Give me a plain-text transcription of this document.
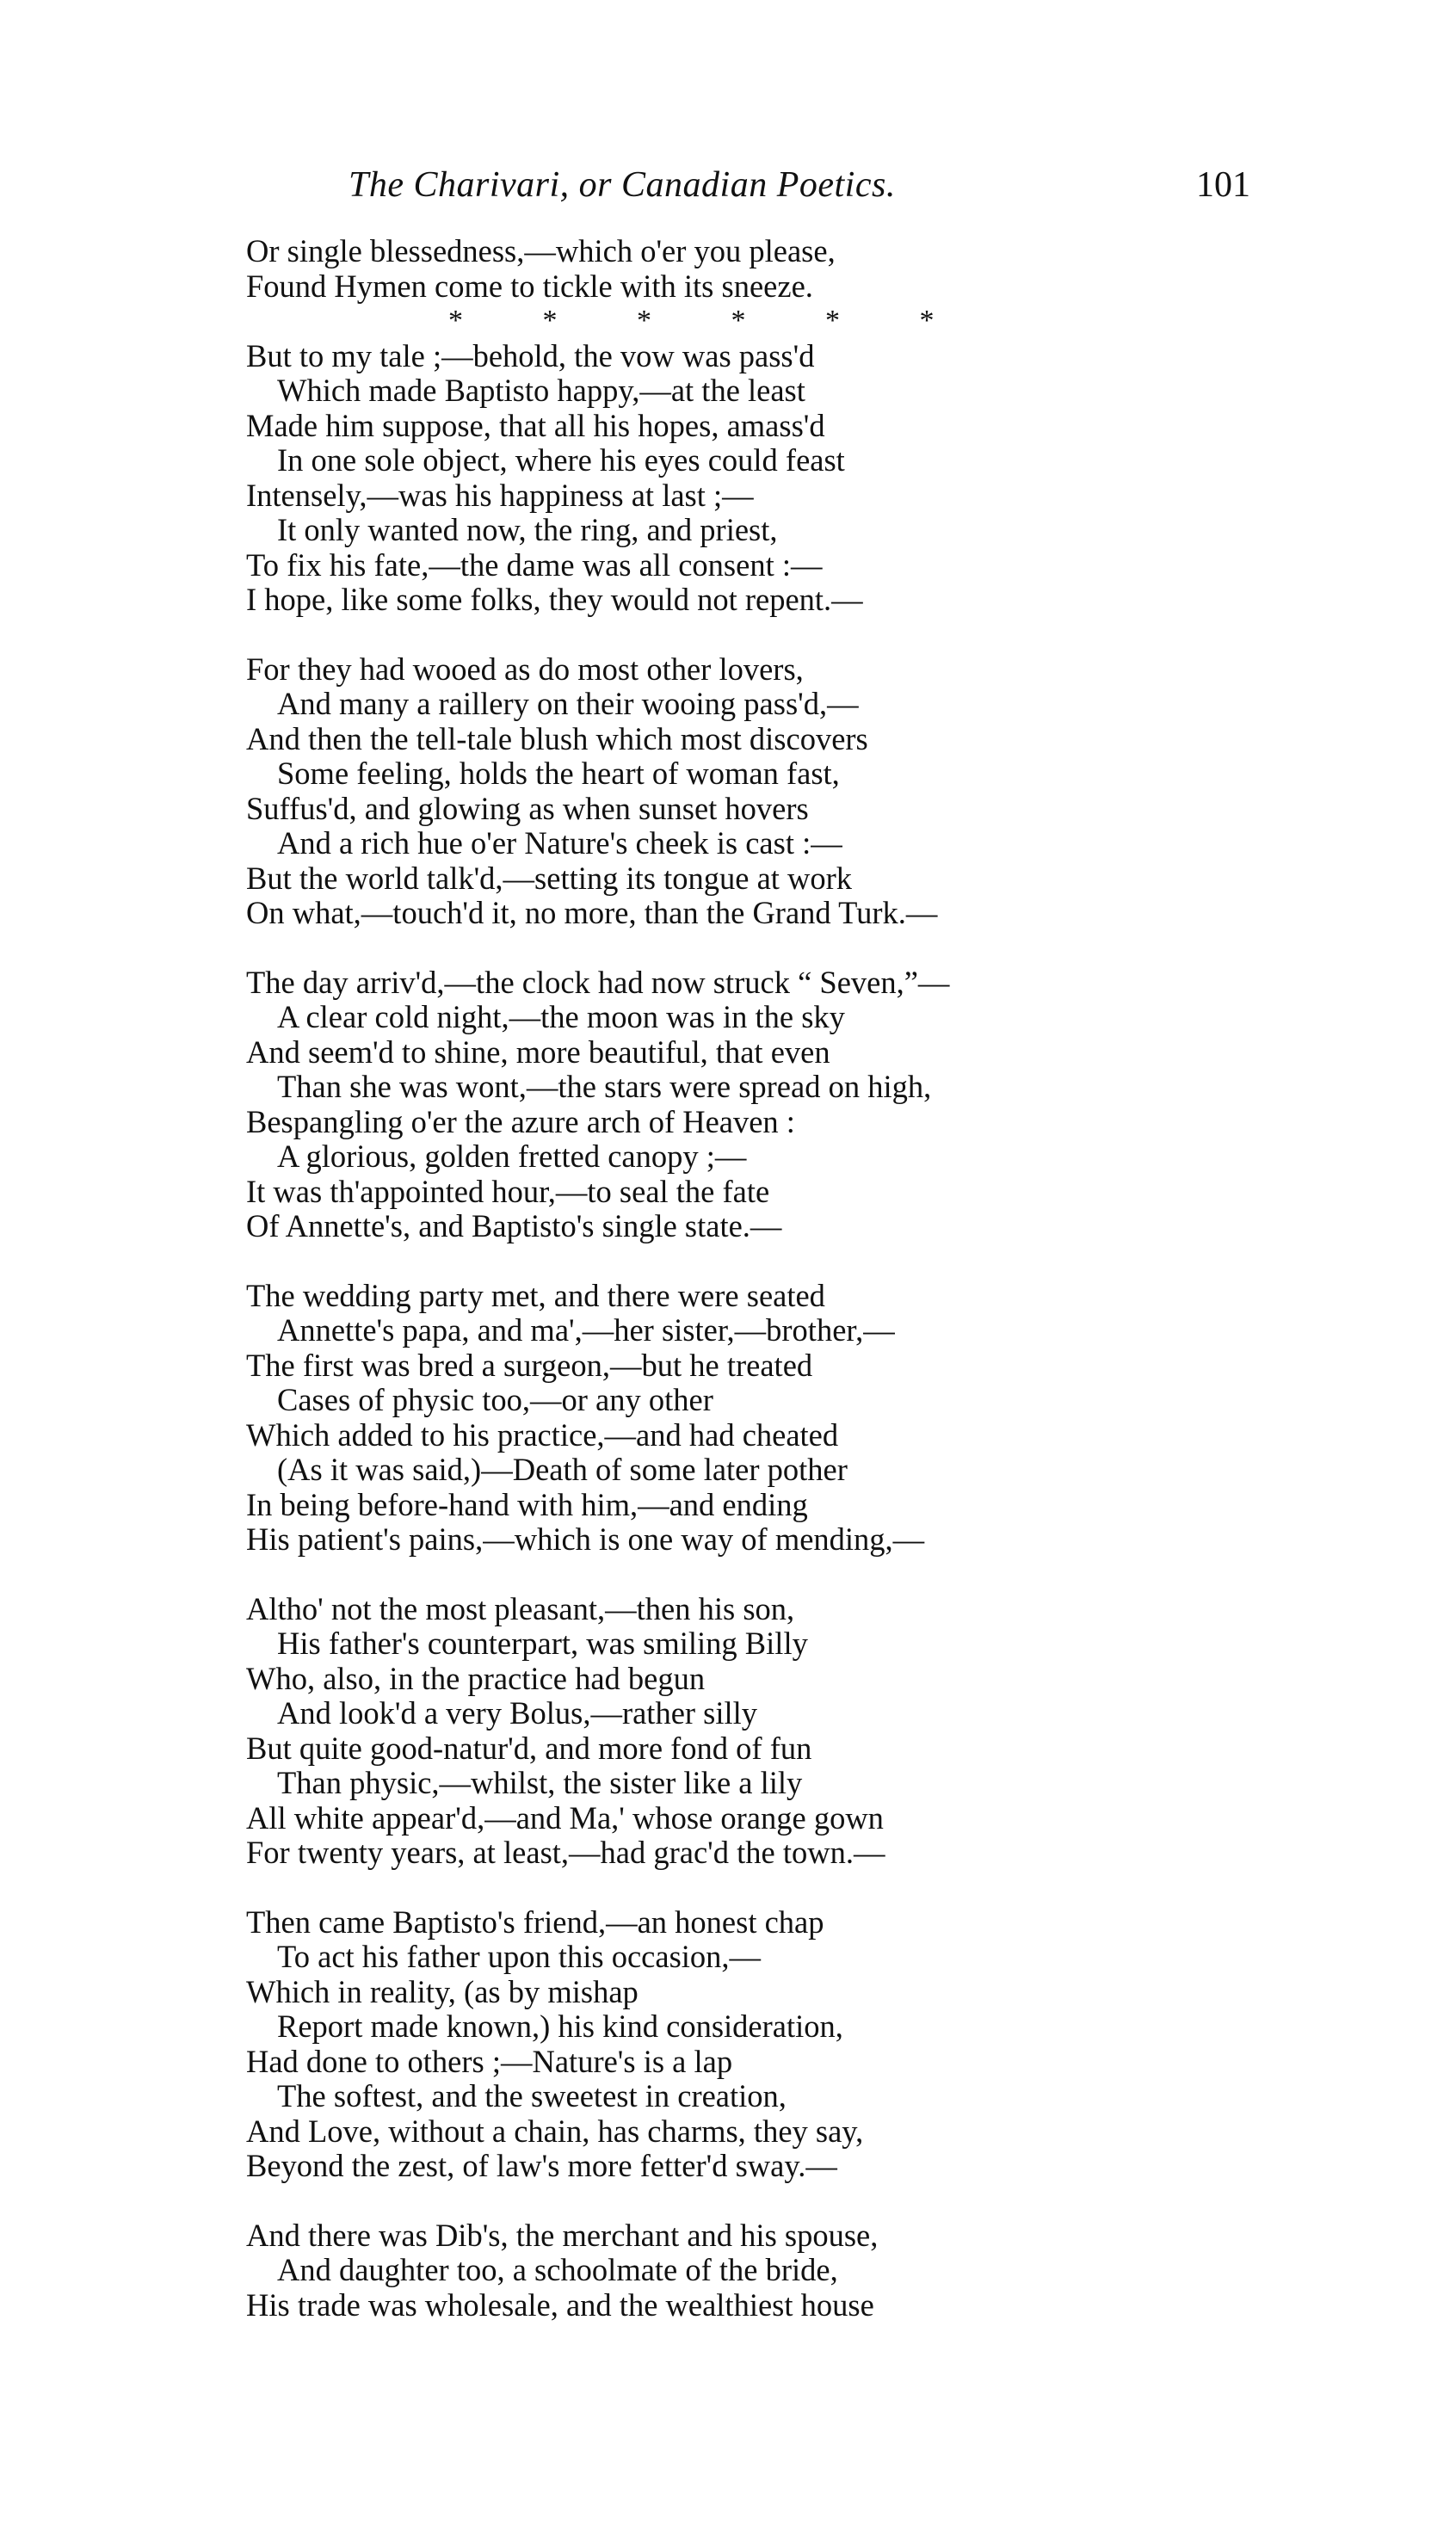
The Charivari, or Canadian Poetics.	101
Or single blessedness,—which o'er you please,
Found Hymen come to tickle with its sneeze.
* * * * * *
But to my tale ;—behold, the vow was pass'd
Which made Baptisto happy,—at the least
Made him suppose, that all his hopes, amass'd
In one sole object, where his eyes could feast
Intensely,—was his happiness at last ;—
It only wanted now, the ring, and priest,
To fix his fate,—the dame was all consent :—
I hope, like some folks, they would not repent.—
For they had wooed as do most other lovers,
And many a raillery on their wooing pass'd,—
And then the tell-tale blush which most discovers
Some feeling, holds the heart of woman fast,
Suffus'd, and glowing as when sunset hovers
And a rich hue o'er Nature's cheek is cast :—
But the world talk'd,—setting its tongue at work
On what,—touch'd it, no more, than the Grand Turk.—
The day arriv'd,—the clock had now struck “ Seven,”—
A clear cold night,—the moon was in the sky
And seem'd to shine, more beautiful, that even
Than she was wont,—the stars were spread on high,
Bespangling o'er the azure arch of Heaven :
A glorious, golden fretted canopy ;—
It was th'appointed hour,—to seal the fate
Of Annette's, and Baptisto's single state.—
The wedding party met, and there were seated
Annette's papa, and ma',—her sister,—brother,—
The first was bred a surgeon,—but he treated
Cases of physic too,—or any other
Which added to his practice,—and had cheated
(As it was said,)—Death of some later pother
In being before-hand with him,—and ending
His patient's pains,—which is one way of mending,—
Altho' not the most pleasant,—then his son,
His father's counterpart, was smiling Billy
Who, also, in the practice had begun
And look'd a very Bolus,—rather silly
But quite good-natur'd, and more fond of fun
Than physic,—whilst, the sister like a lily
All white appear'd,—and Ma,' whose orange gown
For twenty years, at least,—had grac'd the town.—
Then came Baptisto's friend,—an honest chap
To act his father upon this occasion,—
Which in reality, (as by mishap
Report made known,) his kind consideration,
Had done to others ;—Nature's is a lap
The softest, and the sweetest in creation,
And Love, without a chain, has charms, they say,
Beyond the zest, of law's more fetter'd sway.—
And there was Dib's, the merchant and his spouse,
And daughter too, a schoolmate of the bride,
His trade was wholesale, and the wealthiest house
